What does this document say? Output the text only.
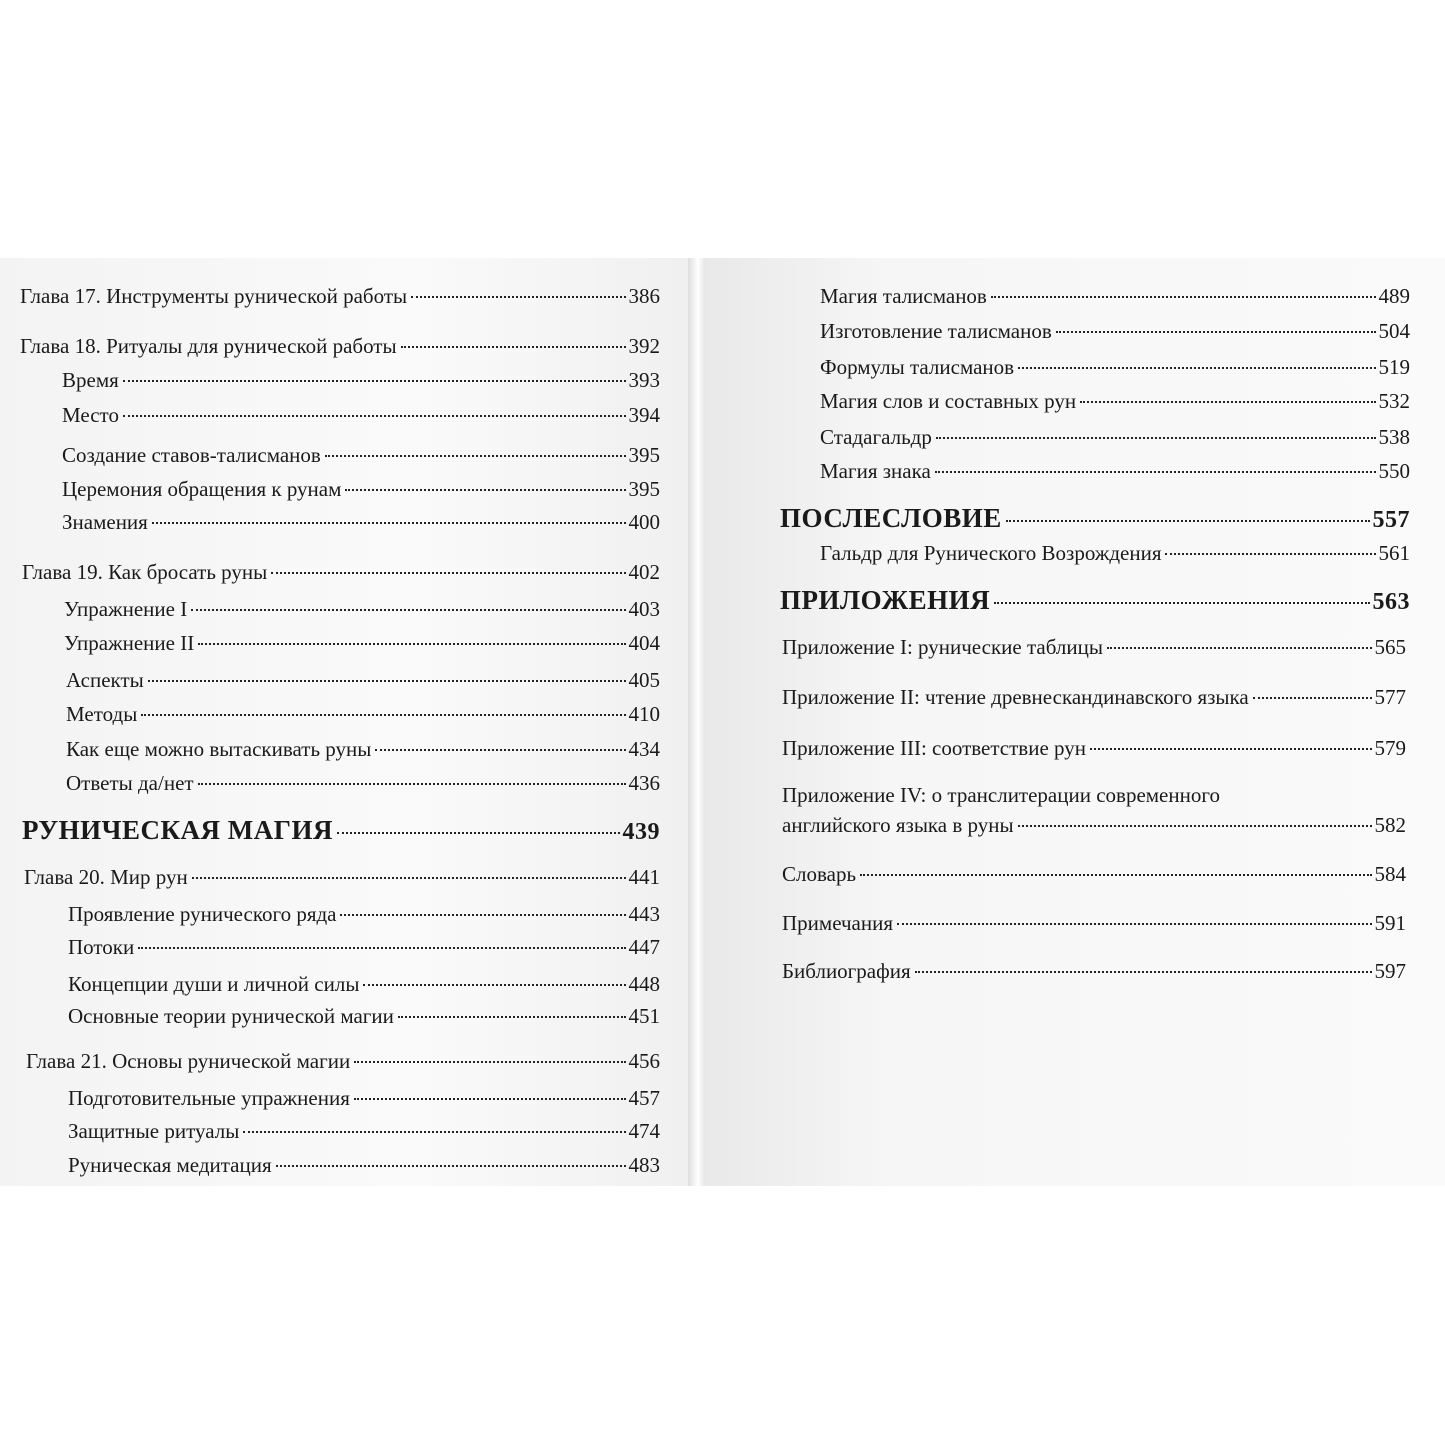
Глава 17. Инструменты рунической работы	386
Глава 18. Ритуалы для рунической работы	392
Время	393
Место	394
Создание ставов-талисманов	395
Церемония обращения к рунам	395
Знамения	400
Глава 19. Как бросать руны	402
Упражнение I	403
Упражнение II	404
Аспекты	405
Методы	410
Как еще можно вытаскивать руны	434
Ответы да/нет	436
РУНИЧЕСКАЯ МАГИЯ	439
Глава 20. Мир рун	441
Проявление рунического ряда	443
Потоки	447
Концепции души и личной силы	448
Основные теории рунической магии	451
Глава 21. Основы рунической магии	456
Подготовительные упражнения	457
Защитные ритуалы	474
Руническая медитация	483
Магия талисманов	489
Изготовление талисманов	504
Формулы талисманов	519
Магия слов и составных рун	532
Стадагальдр	538
Магия знака	550
ПОСЛЕСЛОВИЕ	557
Гальдр для Рунического Возрождения	561
ПРИЛОЖЕНИЯ	563
Приложение I: рунические таблицы	565
Приложение II: чтение древнескандинавского языка	577
Приложение III: соответствие рун	579
Приложение IV: о транслитерации современного
английского языка в руны	582
Словарь	584
Примечания	591
Библиография	597
